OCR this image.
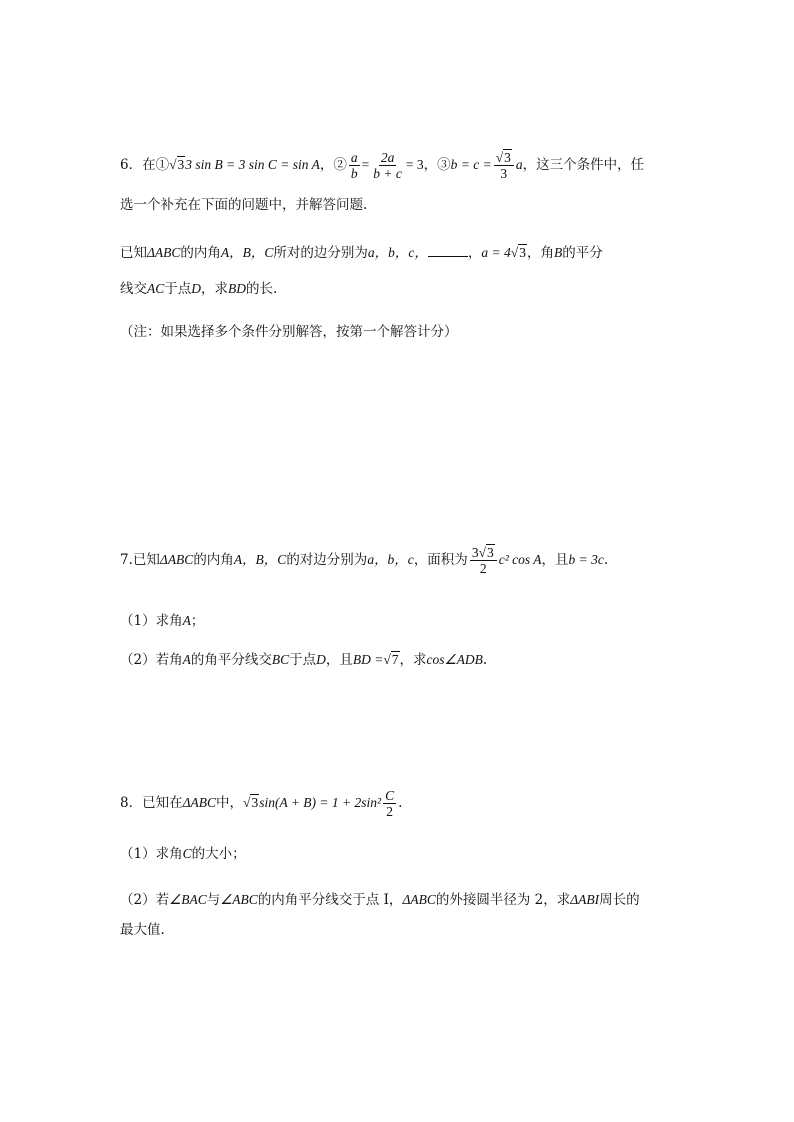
6．在①√33 sin B = 3 sin C = sin A，② $\frac{a}{b} = \frac{2a}{b + c} = 3$，③b = $c = \frac{√3}{3}$ a，这三个条件中，任
选一个补充在下面的问题中，并解答问题.
已知ΔABC的内角A，B，C所对的边分别为a，b，c，	，a = 4√3，角B的平分
线交AC于点D，求BD的长.
（注：如果选择多个条件分别解答，按第一个解答计分）
7.已知ΔABC的内角A，B，C的对边分别为a，b，c，面积为 $\frac{3√3}{2} c^2$ cos A，且b = 3c.
（1）求角A；
（2）若角A的角平分线交BC于点D，且BD =√7，求cos∠ADB.
8．已知在ΔABC中，$√3\sin(A + B) = 1 + 2\sin^2 \frac{C}{2}$ .
（1）求角C的大小；
（2）若∠BAC与∠ABC的内角平分线交于点 I，ΔABC的外接圆半径为 2，求ΔABI周长的
最大值.
